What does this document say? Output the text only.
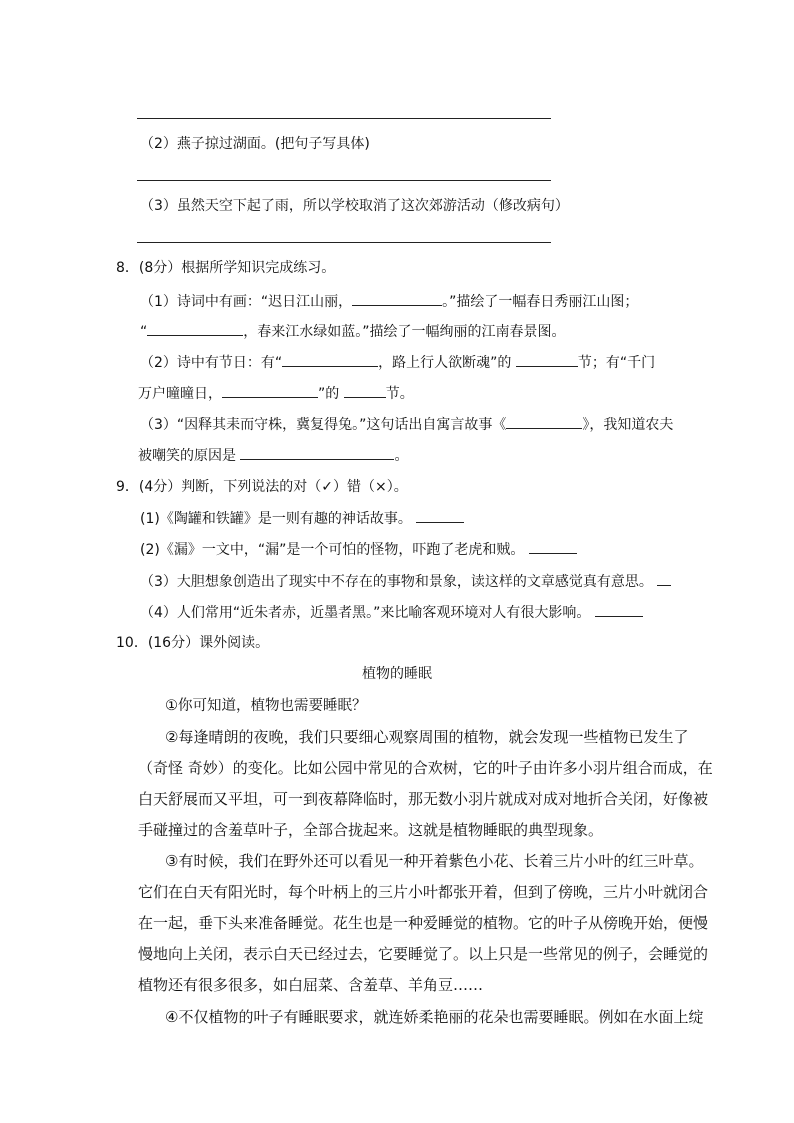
（2）燕子掠过湖面。(把句子写具体)
（3）虽然天空下起了雨，所以学校取消了这次郊游活动（修改病句）
8．(8分）根据所学知识完成练习。
（1）诗词中有画：“迟日江山丽，	。”描绘了一幅春日秀丽江山图；
“	，春来江水绿如蓝。”描绘了一幅绚丽的江南春景图。
（2）诗中有节日：有“	，路上行人欲断魂”的	节；有“千门
万户曈曈日，	”的	节。
（3）“因释其耒而守株，冀复得兔。”这句话出自寓言故事《	》，我知道农夫
被嘲笑的原因是	。
9．(4分）判断，下列说法的对（✓）错（×）。
(1)《陶罐和铁罐》是一则有趣的神话故事。
(2)《漏》一文中，“漏”是一个可怕的怪物，吓跑了老虎和贼。
（3）大胆想象创造出了现实中不存在的事物和景象，读这样的文章感觉真有意思。
（4）人们常用“近朱者赤，近墨者黑。”来比喻客观环境对人有很大影响。
10．(16分）课外阅读。
植物的睡眠
①你可知道，植物也需要睡眠？
②每逢晴朗的夜晚，我们只要细心观察周围的植物，就会发现一些植物已发生了
（奇怪 奇妙）的变化。比如公园中常见的合欢树，它的叶子由许多小羽片组合而成，在
白天舒展而又平坦，可一到夜幕降临时，那无数小羽片就成对成对地折合关闭，好像被
手碰撞过的含羞草叶子，全部合拢起来。这就是植物睡眠的典型现象。
③有时候，我们在野外还可以看见一种开着紫色小花、长着三片小叶的红三叶草。
它们在白天有阳光时，每个叶柄上的三片小叶都张开着，但到了傍晚，三片小叶就闭合
在一起，垂下头来准备睡觉。花生也是一种爱睡觉的植物。它的叶子从傍晚开始，便慢
慢地向上关闭，表示白天已经过去，它要睡觉了。以上只是一些常见的例子，会睡觉的
植物还有很多很多，如白屈菜、含羞草、羊角豆……
④不仅植物的叶子有睡眠要求，就连娇柔艳丽的花朵也需要睡眠。例如在水面上绽
